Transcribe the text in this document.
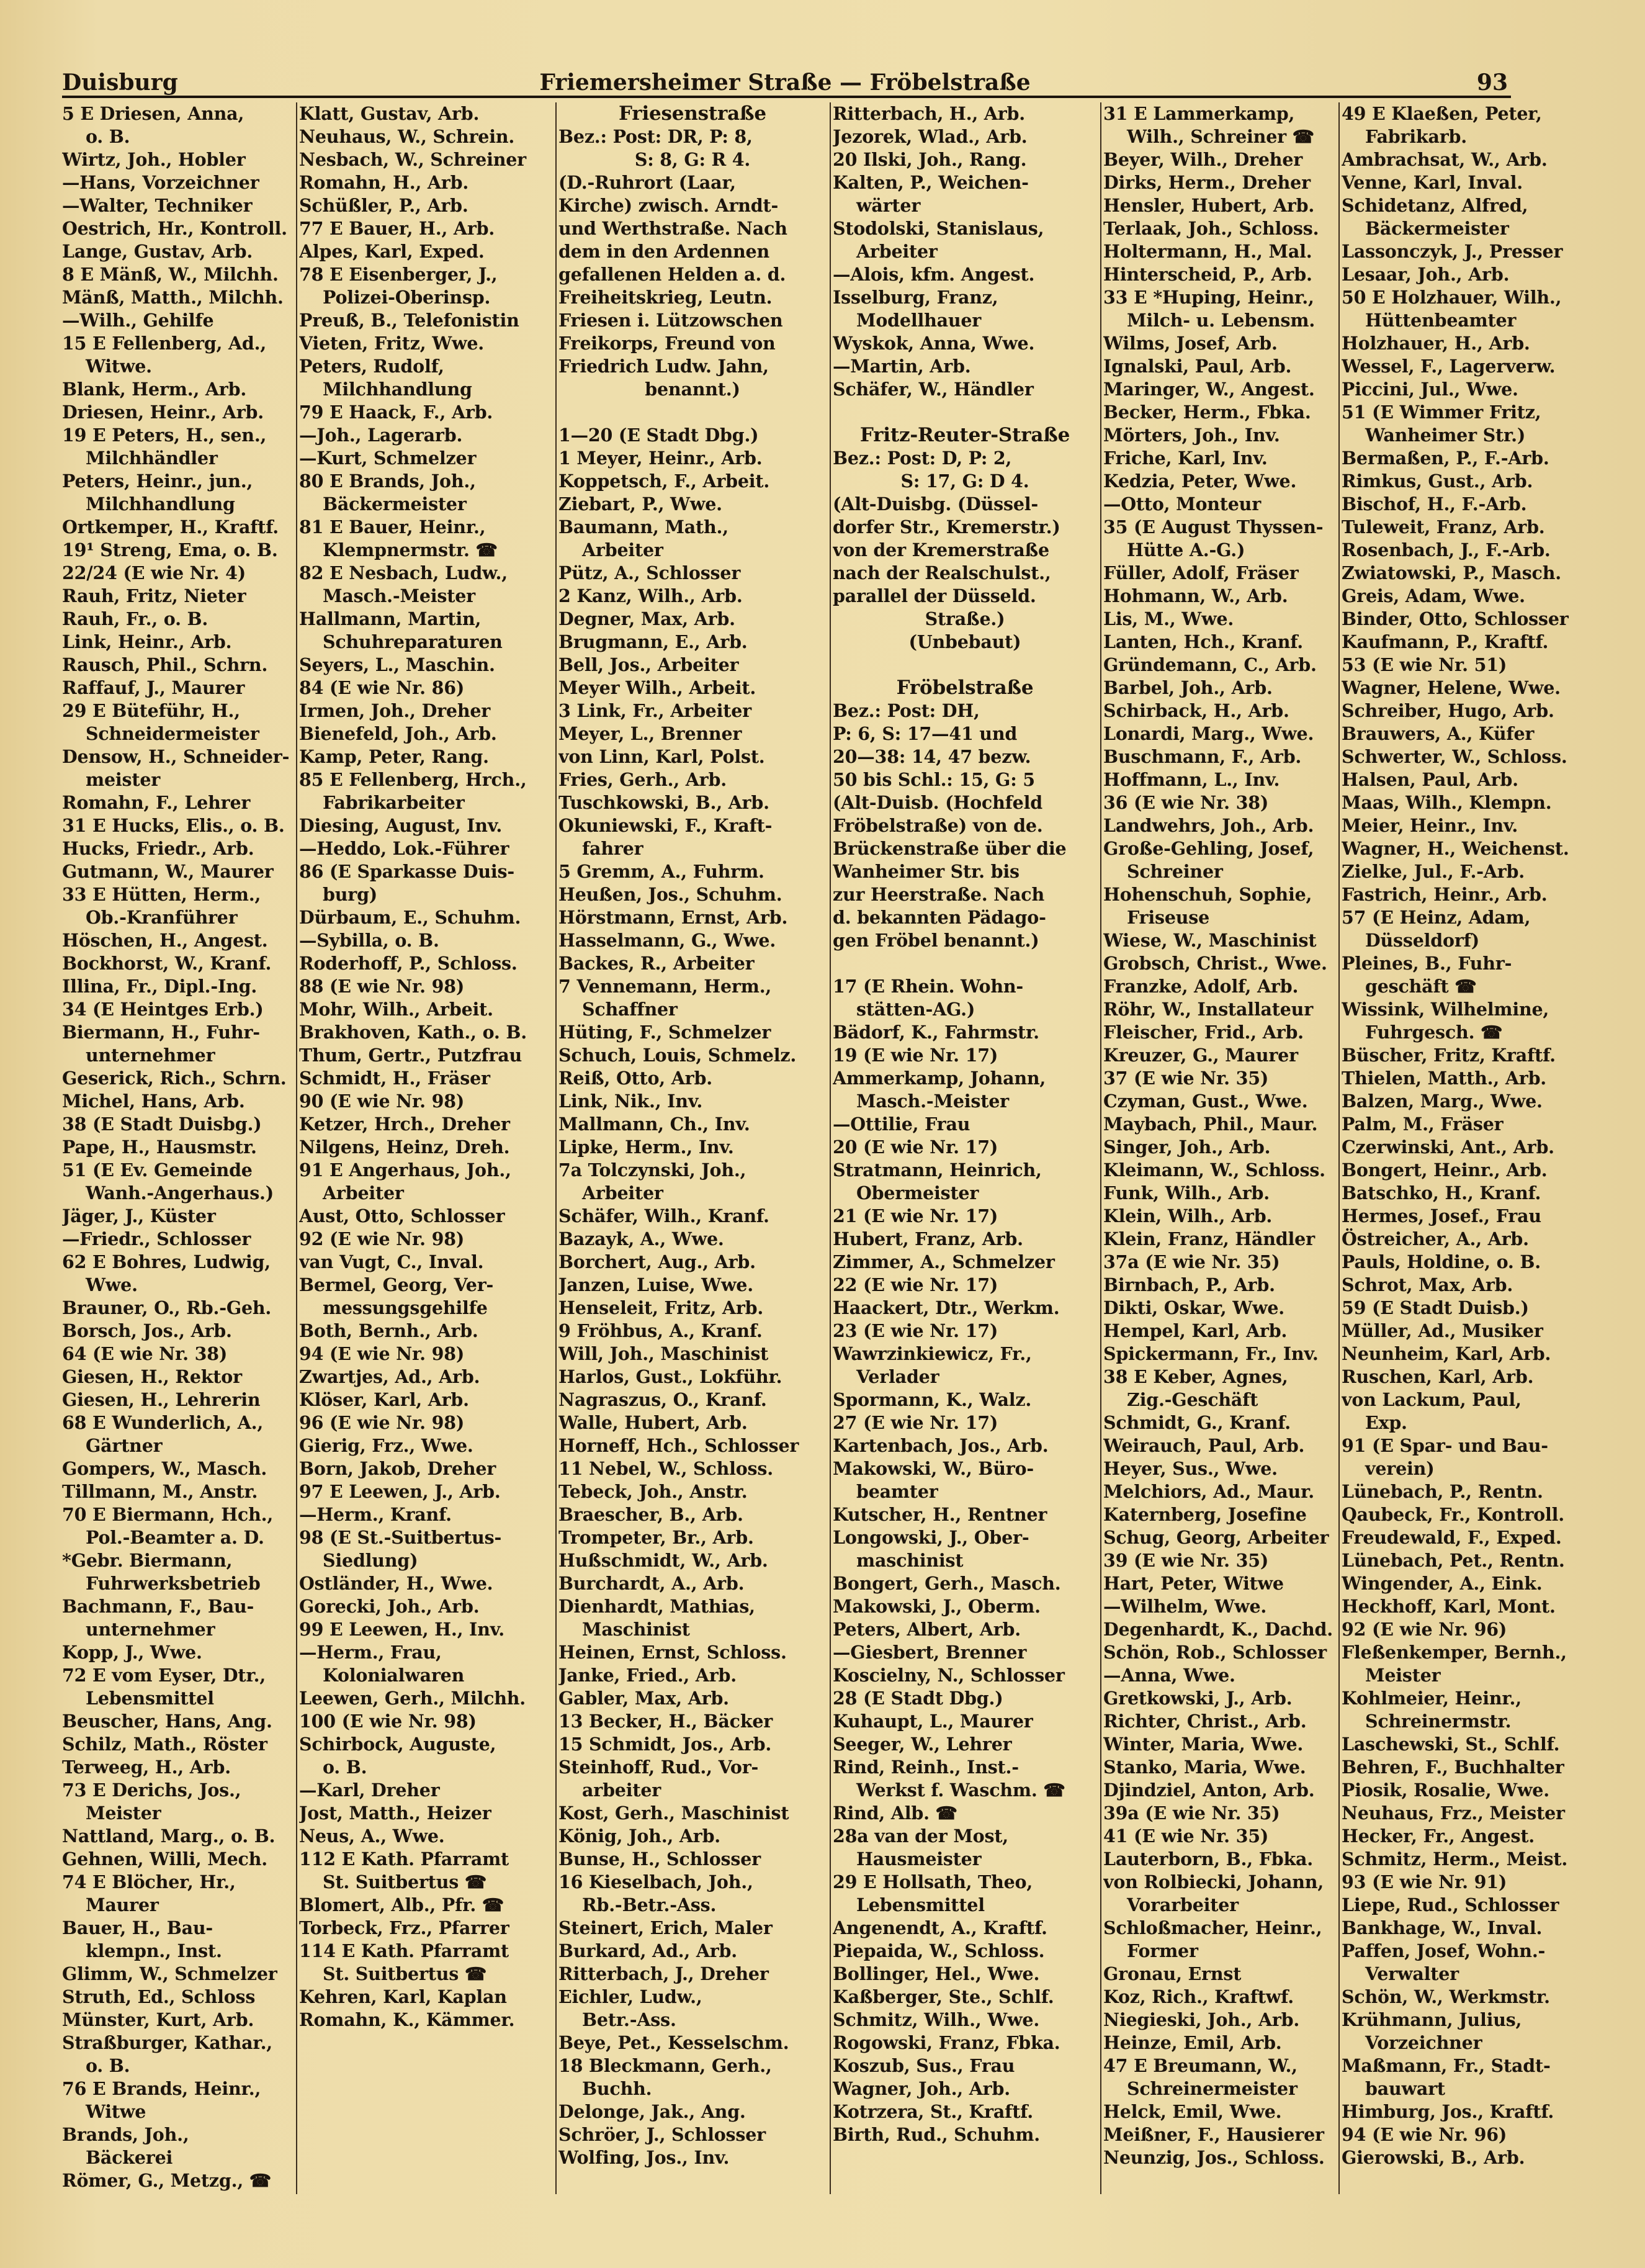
Duisburg	Friemersheimer Straße — Fröbelstraße	93
5 E Driesen, Anna,
o. B.
Wirtz, Joh., Hobler
—Hans, Vorzeichner
—Walter, Techniker
Oestrich, Hr., Kontroll.
Lange, Gustav, Arb.
8 E Mänß, W., Milchh.
Mänß, Matth., Milchh.
—Wilh., Gehilfe
15 E Fellenberg, Ad.,
Witwe.
Blank, Herm., Arb.
Driesen, Heinr., Arb.
19 E Peters, H., sen.,
Milchhändler
Peters, Heinr., jun.,
Milchhandlung
Ortkemper, H., Kraftf.
19¹ Streng, Ema, o. B.
22/24 (E wie Nr. 4)
Rauh, Fritz, Nieter
Rauh, Fr., o. B.
Link, Heinr., Arb.
Rausch, Phil., Schrn.
Raffauf, J., Maurer
29 E Büteführ, H.,
Schneidermeister
Densow, H., Schneider-
meister
Romahn, F., Lehrer
31 E Hucks, Elis., o. B.
Hucks, Friedr., Arb.
Gutmann, W., Maurer
33 E Hütten, Herm.,
Ob.-Kranführer
Höschen, H., Angest.
Bockhorst, W., Kranf.
Illina, Fr., Dipl.-Ing.
34 (E Heintges Erb.)
Biermann, H., Fuhr-
unternehmer
Geserick, Rich., Schrn.
Michel, Hans, Arb.
38 (E Stadt Duisbg.)
Pape, H., Hausmstr.
51 (E Ev. Gemeinde
Wanh.-Angerhaus.)
Jäger, J., Küster
—Friedr., Schlosser
62 E Bohres, Ludwig,
Wwe.
Brauner, O., Rb.-Geh.
Borsch, Jos., Arb.
64 (E wie Nr. 38)
Giesen, H., Rektor
Giesen, H., Lehrerin
68 E Wunderlich, A.,
Gärtner
Gompers, W., Masch.
Tillmann, M., Anstr.
70 E Biermann, Hch.,
Pol.-Beamter a. D.
*Gebr. Biermann,
Fuhrwerksbetrieb
Bachmann, F., Bau-
unternehmer
Kopp, J., Wwe.
72 E vom Eyser, Dtr.,
Lebensmittel
Beuscher, Hans, Ang.
Schilz, Math., Röster
Terweeg, H., Arb.
73 E Derichs, Jos.,
Meister
Nattland, Marg., o. B.
Gehnen, Willi, Mech.
74 E Blöcher, Hr.,
Maurer
Bauer, H., Bau-
klempn., Inst.
Glimm, W., Schmelzer
Struth, Ed., Schloss
Münster, Kurt, Arb.
Straßburger, Kathar.,
o. B.
76 E Brands, Heinr.,
Witwe
Brands, Joh.,
Bäckerei
Römer, G., Metzg., ☎
Klatt, Gustav, Arb.
Neuhaus, W., Schrein.
Nesbach, W., Schreiner
Romahn, H., Arb.
Schüßler, P., Arb.
77 E Bauer, H., Arb.
Alpes, Karl, Exped.
78 E Eisenberger, J.,
Polizei-Oberinsp.
Preuß, B., Telefonistin
Vieten, Fritz, Wwe.
Peters, Rudolf,
Milchhandlung
79 E Haack, F., Arb.
—Joh., Lagerarb.
—Kurt, Schmelzer
80 E Brands, Joh.,
Bäckermeister
81 E Bauer, Heinr.,
Klempnermstr. ☎
82 E Nesbach, Ludw.,
Masch.-Meister
Hallmann, Martin,
Schuhreparaturen
Seyers, L., Maschin.
84 (E wie Nr. 86)
Irmen, Joh., Dreher
Bienefeld, Joh., Arb.
Kamp, Peter, Rang.
85 E Fellenberg, Hrch.,
Fabrikarbeiter
Diesing, August, Inv.
—Heddo, Lok.-Führer
86 (E Sparkasse Duis-
burg)
Dürbaum, E., Schuhm.
—Sybilla, o. B.
Roderhoff, P., Schloss.
88 (E wie Nr. 98)
Mohr, Wilh., Arbeit.
Brakhoven, Kath., o. B.
Thum, Gertr., Putzfrau
Schmidt, H., Fräser
90 (E wie Nr. 98)
Ketzer, Hrch., Dreher
Nilgens, Heinz, Dreh.
91 E Angerhaus, Joh.,
Arbeiter
Aust, Otto, Schlosser
92 (E wie Nr. 98)
van Vugt, C., Inval.
Bermel, Georg, Ver-
messungsgehilfe
Both, Bernh., Arb.
94 (E wie Nr. 98)
Zwartjes, Ad., Arb.
Klöser, Karl, Arb.
96 (E wie Nr. 98)
Gierig, Frz., Wwe.
Born, Jakob, Dreher
97 E Leewen, J., Arb.
—Herm., Kranf.
98 (E St.-Suitbertus-
Siedlung)
Ostländer, H., Wwe.
Gorecki, Joh., Arb.
99 E Leewen, H., Inv.
—Herm., Frau,
Kolonialwaren
Leewen, Gerh., Milchh.
100 (E wie Nr. 98)
Schirbock, Auguste,
o. B.
—Karl, Dreher
Jost, Matth., Heizer
Neus, A., Wwe.
112 E Kath. Pfarramt
St. Suitbertus ☎
Blomert, Alb., Pfr. ☎
Torbeck, Frz., Pfarrer
114 E Kath. Pfarramt
St. Suitbertus ☎
Kehren, Karl, Kaplan
Romahn, K., Kämmer.
Friesenstraße
Bez.: Post: DR, P: 8,
S: 8, G: R 4.
(D.-Ruhrort (Laar,
Kirche) zwisch. Arndt-
und Werthstraße. Nach
dem in den Ardennen
gefallenen Helden a. d.
Freiheitskrieg, Leutn.
Friesen i. Lützowschen
Freikorps, Freund von
Friedrich Ludw. Jahn,
benannt.)
1—20 (E Stadt Dbg.)
1 Meyer, Heinr., Arb.
Koppetsch, F., Arbeit.
Ziebart, P., Wwe.
Baumann, Math.,
Arbeiter
Pütz, A., Schlosser
2 Kanz, Wilh., Arb.
Degner, Max, Arb.
Brugmann, E., Arb.
Bell, Jos., Arbeiter
Meyer Wilh., Arbeit.
3 Link, Fr., Arbeiter
Meyer, L., Brenner
von Linn, Karl, Polst.
Fries, Gerh., Arb.
Tuschkowski, B., Arb.
Okuniewski, F., Kraft-
fahrer
5 Gremm, A., Fuhrm.
Heußen, Jos., Schuhm.
Hörstmann, Ernst, Arb.
Hasselmann, G., Wwe.
Backes, R., Arbeiter
7 Vennemann, Herm.,
Schaffner
Hüting, F., Schmelzer
Schuch, Louis, Schmelz.
Reiß, Otto, Arb.
Link, Nik., Inv.
Mallmann, Ch., Inv.
Lipke, Herm., Inv.
7a Tolczynski, Joh.,
Arbeiter
Schäfer, Wilh., Kranf.
Bazayk, A., Wwe.
Borchert, Aug., Arb.
Janzen, Luise, Wwe.
Henseleit, Fritz, Arb.
9 Fröhbus, A., Kranf.
Will, Joh., Maschinist
Harlos, Gust., Lokführ.
Nagraszus, O., Kranf.
Walle, Hubert, Arb.
Horneff, Hch., Schlosser
11 Nebel, W., Schloss.
Tebeck, Joh., Anstr.
Braescher, B., Arb.
Trompeter, Br., Arb.
Hußschmidt, W., Arb.
Burchardt, A., Arb.
Dienhardt, Mathias,
Maschinist
Heinen, Ernst, Schloss.
Janke, Fried., Arb.
Gabler, Max, Arb.
13 Becker, H., Bäcker
15 Schmidt, Jos., Arb.
Steinhoff, Rud., Vor-
arbeiter
Kost, Gerh., Maschinist
König, Joh., Arb.
Bunse, H., Schlosser
16 Kieselbach, Joh.,
Rb.-Betr.-Ass.
Steinert, Erich, Maler
Burkard, Ad., Arb.
Ritterbach, J., Dreher
Eichler, Ludw.,
Betr.-Ass.
Beye, Pet., Kesselschm.
18 Bleckmann, Gerh.,
Buchh.
Delonge, Jak., Ang.
Schröer, J., Schlosser
Wolfing, Jos., Inv.
Ritterbach, H., Arb.
Jezorek, Wlad., Arb.
20 Ilski, Joh., Rang.
Kalten, P., Weichen-
wärter
Stodolski, Stanislaus,
Arbeiter
—Alois, kfm. Angest.
Isselburg, Franz,
Modellhauer
Wyskok, Anna, Wwe.
—Martin, Arb.
Schäfer, W., Händler
Fritz-Reuter-Straße
Bez.: Post: D, P: 2,
S: 17, G: D 4.
(Alt-Duisbg. (Düssel-
dorfer Str., Kremerstr.)
von der Kremerstraße
nach der Realschulst.,
parallel der Düsseld.
Straße.)
(Unbebaut)
Fröbelstraße
Bez.: Post: DH,
P: 6, S: 17—41 und
20—38: 14, 47 bezw.
50 bis Schl.: 15, G: 5
(Alt-Duisb. (Hochfeld
Fröbelstraße) von de.
Brückenstraße über die
Wanheimer Str. bis
zur Heerstraße. Nach
d. bekannten Pädago-
gen Fröbel benannt.)
17 (E Rhein. Wohn-
stätten-AG.)
Bädorf, K., Fahrmstr.
19 (E wie Nr. 17)
Ammerkamp, Johann,
Masch.-Meister
—Ottilie, Frau
20 (E wie Nr. 17)
Stratmann, Heinrich,
Obermeister
21 (E wie Nr. 17)
Hubert, Franz, Arb.
Zimmer, A., Schmelzer
22 (E wie Nr. 17)
Haackert, Dtr., Werkm.
23 (E wie Nr. 17)
Wawrzinkiewicz, Fr.,
Verlader
Spormann, K., Walz.
27 (E wie Nr. 17)
Kartenbach, Jos., Arb.
Makowski, W., Büro-
beamter
Kutscher, H., Rentner
Longowski, J., Ober-
maschinist
Bongert, Gerh., Masch.
Makowski, J., Oberm.
Peters, Albert, Arb.
—Giesbert, Brenner
Koscielny, N., Schlosser
28 (E Stadt Dbg.)
Kuhaupt, L., Maurer
Seeger, W., Lehrer
Rind, Reinh., Inst.-
Werkst f. Waschm. ☎
Rind, Alb. ☎
28a van der Most,
Hausmeister
29 E Hollsath, Theo,
Lebensmittel
Angenendt, A., Kraftf.
Piepaida, W., Schloss.
Bollinger, Hel., Wwe.
Kaßberger, Ste., Schlf.
Schmitz, Wilh., Wwe.
Rogowski, Franz, Fbka.
Koszub, Sus., Frau
Wagner, Joh., Arb.
Kotrzera, St., Kraftf.
Birth, Rud., Schuhm.
31 E Lammerkamp,
Wilh., Schreiner ☎
Beyer, Wilh., Dreher
Dirks, Herm., Dreher
Hensler, Hubert, Arb.
Terlaak, Joh., Schloss.
Holtermann, H., Mal.
Hinterscheid, P., Arb.
33 E *Huping, Heinr.,
Milch- u. Lebensm.
Wilms, Josef, Arb.
Ignalski, Paul, Arb.
Maringer, W., Angest.
Becker, Herm., Fbka.
Mörters, Joh., Inv.
Friche, Karl, Inv.
Kedzia, Peter, Wwe.
—Otto, Monteur
35 (E August Thyssen-
Hütte A.-G.)
Füller, Adolf, Fräser
Hohmann, W., Arb.
Lis, M., Wwe.
Lanten, Hch., Kranf.
Gründemann, C., Arb.
Barbel, Joh., Arb.
Schirback, H., Arb.
Lonardi, Marg., Wwe.
Buschmann, F., Arb.
Hoffmann, L., Inv.
36 (E wie Nr. 38)
Landwehrs, Joh., Arb.
Große-Gehling, Josef,
Schreiner
Hohenschuh, Sophie,
Friseuse
Wiese, W., Maschinist
Grobsch, Christ., Wwe.
Franzke, Adolf, Arb.
Röhr, W., Installateur
Fleischer, Frid., Arb.
Kreuzer, G., Maurer
37 (E wie Nr. 35)
Czyman, Gust., Wwe.
Maybach, Phil., Maur.
Singer, Joh., Arb.
Kleimann, W., Schloss.
Funk, Wilh., Arb.
Klein, Wilh., Arb.
Klein, Franz, Händler
37a (E wie Nr. 35)
Birnbach, P., Arb.
Dikti, Oskar, Wwe.
Hempel, Karl, Arb.
Spickermann, Fr., Inv.
38 E Keber, Agnes,
Zig.-Geschäft
Schmidt, G., Kranf.
Weirauch, Paul, Arb.
Heyer, Sus., Wwe.
Melchiors, Ad., Maur.
Katernberg, Josefine
Schug, Georg, Arbeiter
39 (E wie Nr. 35)
Hart, Peter, Witwe
—Wilhelm, Wwe.
Degenhardt, K., Dachd.
Schön, Rob., Schlosser
—Anna, Wwe.
Gretkowski, J., Arb.
Richter, Christ., Arb.
Winter, Maria, Wwe.
Stanko, Maria, Wwe.
Djindziel, Anton, Arb.
39a (E wie Nr. 35)
41 (E wie Nr. 35)
Lauterborn, B., Fbka.
von Rolbiecki, Johann,
Vorarbeiter
Schloßmacher, Heinr.,
Former
Gronau, Ernst
Koz, Rich., Kraftwf.
Niegieski, Joh., Arb.
Heinze, Emil, Arb.
47 E Breumann, W.,
Schreinermeister
Helck, Emil, Wwe.
Meißner, F., Hausierer
Neunzig, Jos., Schloss.
49 E Klaeßen, Peter,
Fabrikarb.
Ambrachsat, W., Arb.
Venne, Karl, Inval.
Schidetanz, Alfred,
Bäckermeister
Lassonczyk, J., Presser
Lesaar, Joh., Arb.
50 E Holzhauer, Wilh.,
Hüttenbeamter
Holzhauer, H., Arb.
Wessel, F., Lagerverw.
Piccini, Jul., Wwe.
51 (E Wimmer Fritz,
Wanheimer Str.)
Bermaßen, P., F.-Arb.
Rimkus, Gust., Arb.
Bischof, H., F.-Arb.
Tuleweit, Franz, Arb.
Rosenbach, J., F.-Arb.
Zwiatowski, P., Masch.
Greis, Adam, Wwe.
Binder, Otto, Schlosser
Kaufmann, P., Kraftf.
53 (E wie Nr. 51)
Wagner, Helene, Wwe.
Schreiber, Hugo, Arb.
Brauwers, A., Küfer
Schwerter, W., Schloss.
Halsen, Paul, Arb.
Maas, Wilh., Klempn.
Meier, Heinr., Inv.
Wagner, H., Weichenst.
Zielke, Jul., F.-Arb.
Fastrich, Heinr., Arb.
57 (E Heinz, Adam,
Düsseldorf)
Pleines, B., Fuhr-
geschäft ☎
Wissink, Wilhelmine,
Fuhrgesch. ☎
Büscher, Fritz, Kraftf.
Thielen, Matth., Arb.
Balzen, Marg., Wwe.
Palm, M., Fräser
Czerwinski, Ant., Arb.
Bongert, Heinr., Arb.
Batschko, H., Kranf.
Hermes, Josef., Frau
Östreicher, A., Arb.
Pauls, Holdine, o. B.
Schrot, Max, Arb.
59 (E Stadt Duisb.)
Müller, Ad., Musiker
Neunheim, Karl, Arb.
Ruschen, Karl, Arb.
von Lackum, Paul,
Exp.
91 (E Spar- und Bau-
verein)
Lünebach, P., Rentn.
Qaubeck, Fr., Kontroll.
Freudewald, F., Exped.
Lünebach, Pet., Rentn.
Wingender, A., Eink.
Heckhoff, Karl, Mont.
92 (E wie Nr. 96)
Fleßenkemper, Bernh.,
Meister
Kohlmeier, Heinr.,
Schreinermstr.
Laschewski, St., Schlf.
Behren, F., Buchhalter
Piosik, Rosalie, Wwe.
Neuhaus, Frz., Meister
Hecker, Fr., Angest.
Schmitz, Herm., Meist.
93 (E wie Nr. 91)
Liepe, Rud., Schlosser
Bankhage, W., Inval.
Paffen, Josef, Wohn.-
Verwalter
Schön, W., Werkmstr.
Krühmann, Julius,
Vorzeichner
Maßmann, Fr., Stadt-
bauwart
Himburg, Jos., Kraftf.
94 (E wie Nr. 96)
Gierowski, B., Arb.
